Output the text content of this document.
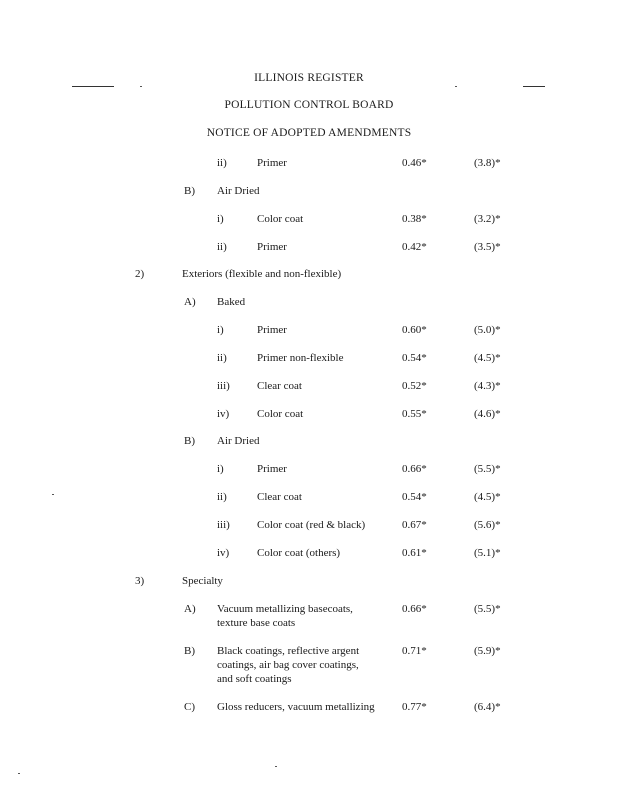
ILLINOIS REGISTER
POLLUTION CONTROL BOARD
NOTICE OF ADOPTED AMENDMENTS
ii)	Primer	0.46*	(3.8)*
B) Air Dried
i)	Color coat	0.38*	(3.2)*
ii)	Primer	0.42*	(3.5)*
2)	Exteriors (flexible and non-flexible)
A) Baked
i)	Primer	0.60*	(5.0)*
ii)	Primer non-flexible	0.54*	(4.5)*
iii) Clear coat	0.52*	(4.3)*
iv)	Color coat	0.55*	(4.6)*
B) Air Dried
i)	Primer	0.66*	(5.5)*
ii)	Clear coat	0.54*	(4.5)*
iii) Color coat (red & black)	0.67*	(5.6)*
iv)	Color coat (others)	0.61*	(5.1)*
3)	Specialty
A) Vacuum metallizing basecoats,
texture base coats
0.66*	(5.5)*
B) Black coatings, reflective argent
coatings, air bag cover coatings,
and soft coatings
0.71*	(5.9)*
C) Gloss reducers, vacuum metallizing 0.77*	(6.4)*
